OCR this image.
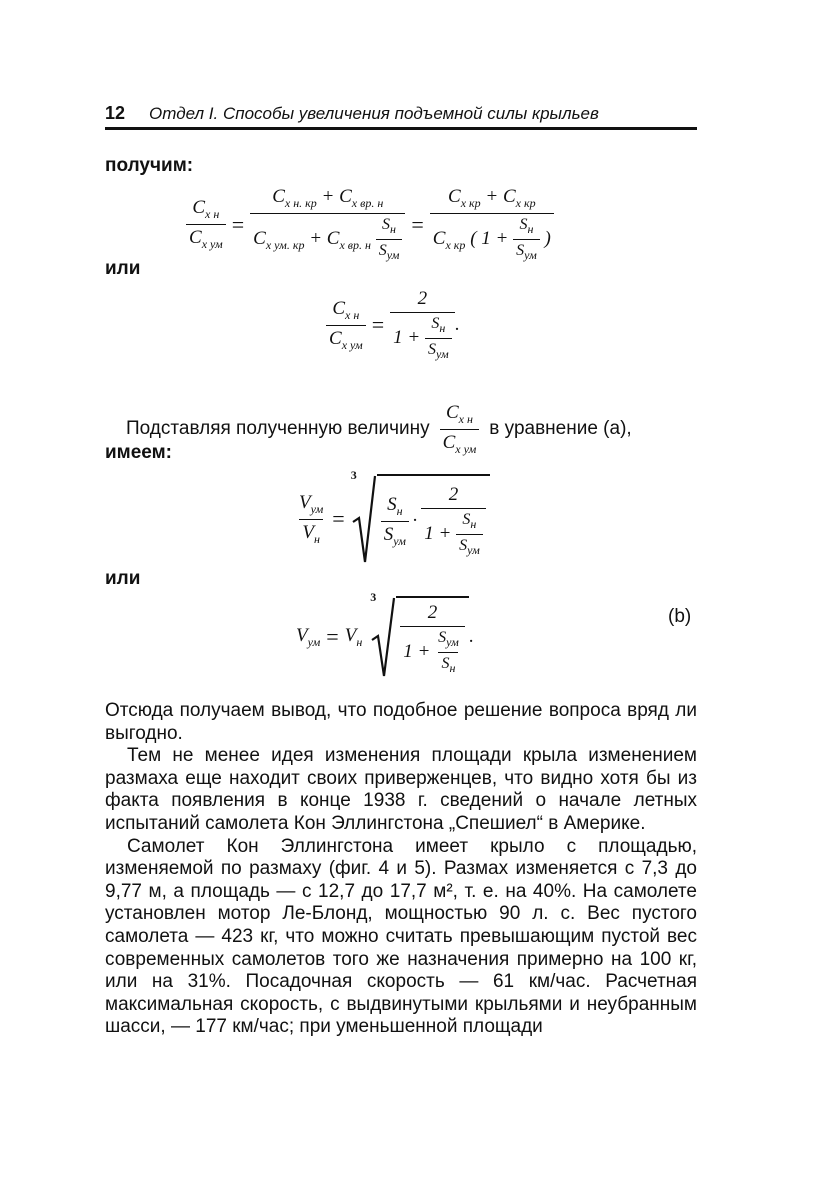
12 Отдел I. Способы увеличения подъемной силы крыльев
получим:
$\frac{C_{x н}}{C_{x ум}} = \frac{C_{x н. кр} + C_{x вр. н}}{C_{x ум. кр} + C_{x вр. н} \frac{S_н}{S_{ум}}} = \frac{C_{x кр} + C_{x кр}}{C_{x кр} ( 1 + \frac{S_н}{S_{ум}} )}$
или
$\frac{C_{x н}}{C_{x ум}} = \frac{2}{1 + \frac{S_н}{S_{ум}}}$ .
Подставляя полученную величину $\frac{C_{x н}}{C_{x ум}}$ в уравнение (а),
имеем:
$\frac{V_{ум}}{V_н}$ =
3
$\frac{S_н}{S_{ум}} \cdot \frac{2}{1 + \frac{S_н}{S_{ум}}}$
или
$V_{ум} = V_н$
3
$\frac{2}{1 + \frac{S_{ум}}{S_н}}$ .
(b)

Отсюда получаем вывод, что подобное решение вопроса вряд ли выгодно.

Тем не менее идея изменения площади крыла изменением размаха еще находит своих приверженцев, что видно хотя бы из факта появления в конце 1938 г. сведений о начале летных испытаний самолета Кон Эллингстона „Спешиел“ в Америке.

Самолет Кон Эллингстона имеет крыло с площадью, изменяемой по размаху (фиг. 4 и 5). Размах изменяется с 7,3 до 9,77 м, а площадь — с 12,7 до 17,7 м², т. е. на 40%. На самолете установлен мотор Ле-Блонд, мощностью 90 л. с. Вес пустого самолета — 423 кг, что можно считать превышающим пустой вес современных самолетов того же назначения примерно на 100 кг, или на 31%. Посадочная скорость — 61 км/час. Расчетная максимальная скорость, с выдвинутыми крыльями и неубранным шасси, — 177 км/час; при уменьшенной площади
